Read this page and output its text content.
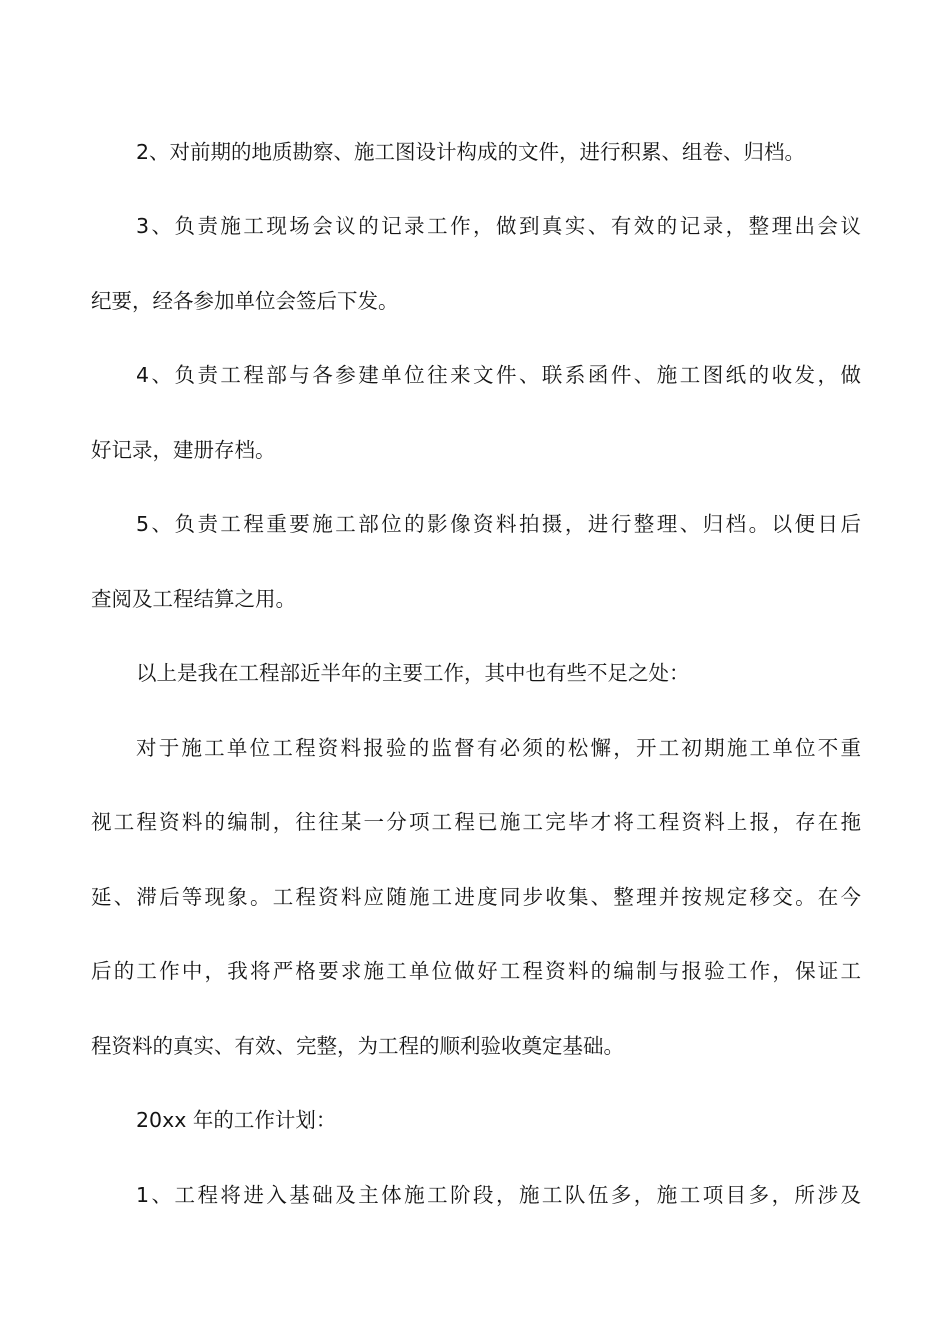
2、对前期的地质勘察、施工图设计构成的文件，进行积累、组卷、归档。
3、负责施工现场会议的记录工作，做到真实、有效的记录，整理出会议
纪要，经各参加单位会签后下发。
4、负责工程部与各参建单位往来文件、联系函件、施工图纸的收发，做
好记录，建册存档。
5、负责工程重要施工部位的影像资料拍摄，进行整理、归档。以便日后
查阅及工程结算之用。
以上是我在工程部近半年的主要工作，其中也有些不足之处：
对于施工单位工程资料报验的监督有必须的松懈，开工初期施工单位不重
视工程资料的编制，往往某一分项工程已施工完毕才将工程资料上报，存在拖
延、滞后等现象。工程资料应随施工进度同步收集、整理并按规定移交。在今
后的工作中，我将严格要求施工单位做好工程资料的编制与报验工作，保证工
程资料的真实、有效、完整，为工程的顺利验收奠定基础。
20xx 年的工作计划：
1、工程将进入基础及主体施工阶段，施工队伍多，施工项目多，所涉及
